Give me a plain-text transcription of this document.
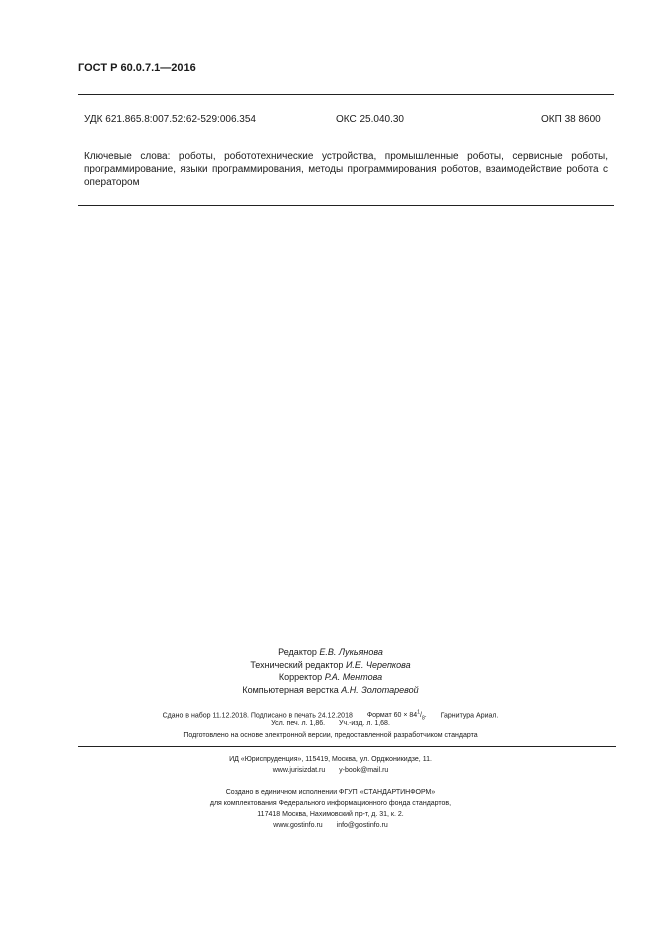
ГОСТ Р 60.0.7.1—2016
УДК 621.865.8:007.52:62-529:006.354	ОКС 25.040.30	ОКП 38 8600
Ключевые слова: роботы, робототехнические устройства, промышленные роботы, сервисные роботы, программирование, языки программирования, методы программирования роботов, взаимодействие робота с оператором
Редактор Е.В. Лукьянова
Технический редактор И.Е. Черепкова
Корректор Р.А. Ментова
Компьютерная верстка А.Н. Золотаревой
Сдано в набор 11.12.2018. Подписано в печать 24.12.2018 Формат $60 \times 84^1/_8$. Гарнитура Ариал.
Усл. печ. л. 1,86. Уч.-изд. л. 1,68.
Подготовлено на основе электронной версии, предоставленной разработчиком стандарта
ИД «Юриспруденция», 115419, Москва, ул. Орджоникидзе, 11.
www.jurisizdat.ru y-book@mail.ru
Создано в единичном исполнении ФГУП «СТАНДАРТИНФОРМ»
для комплектования Федерального информационного фонда стандартов,
117418 Москва, Нахимовский пр-т, д. 31, к. 2.
www.gostinfo.ru info@gostinfo.ru
